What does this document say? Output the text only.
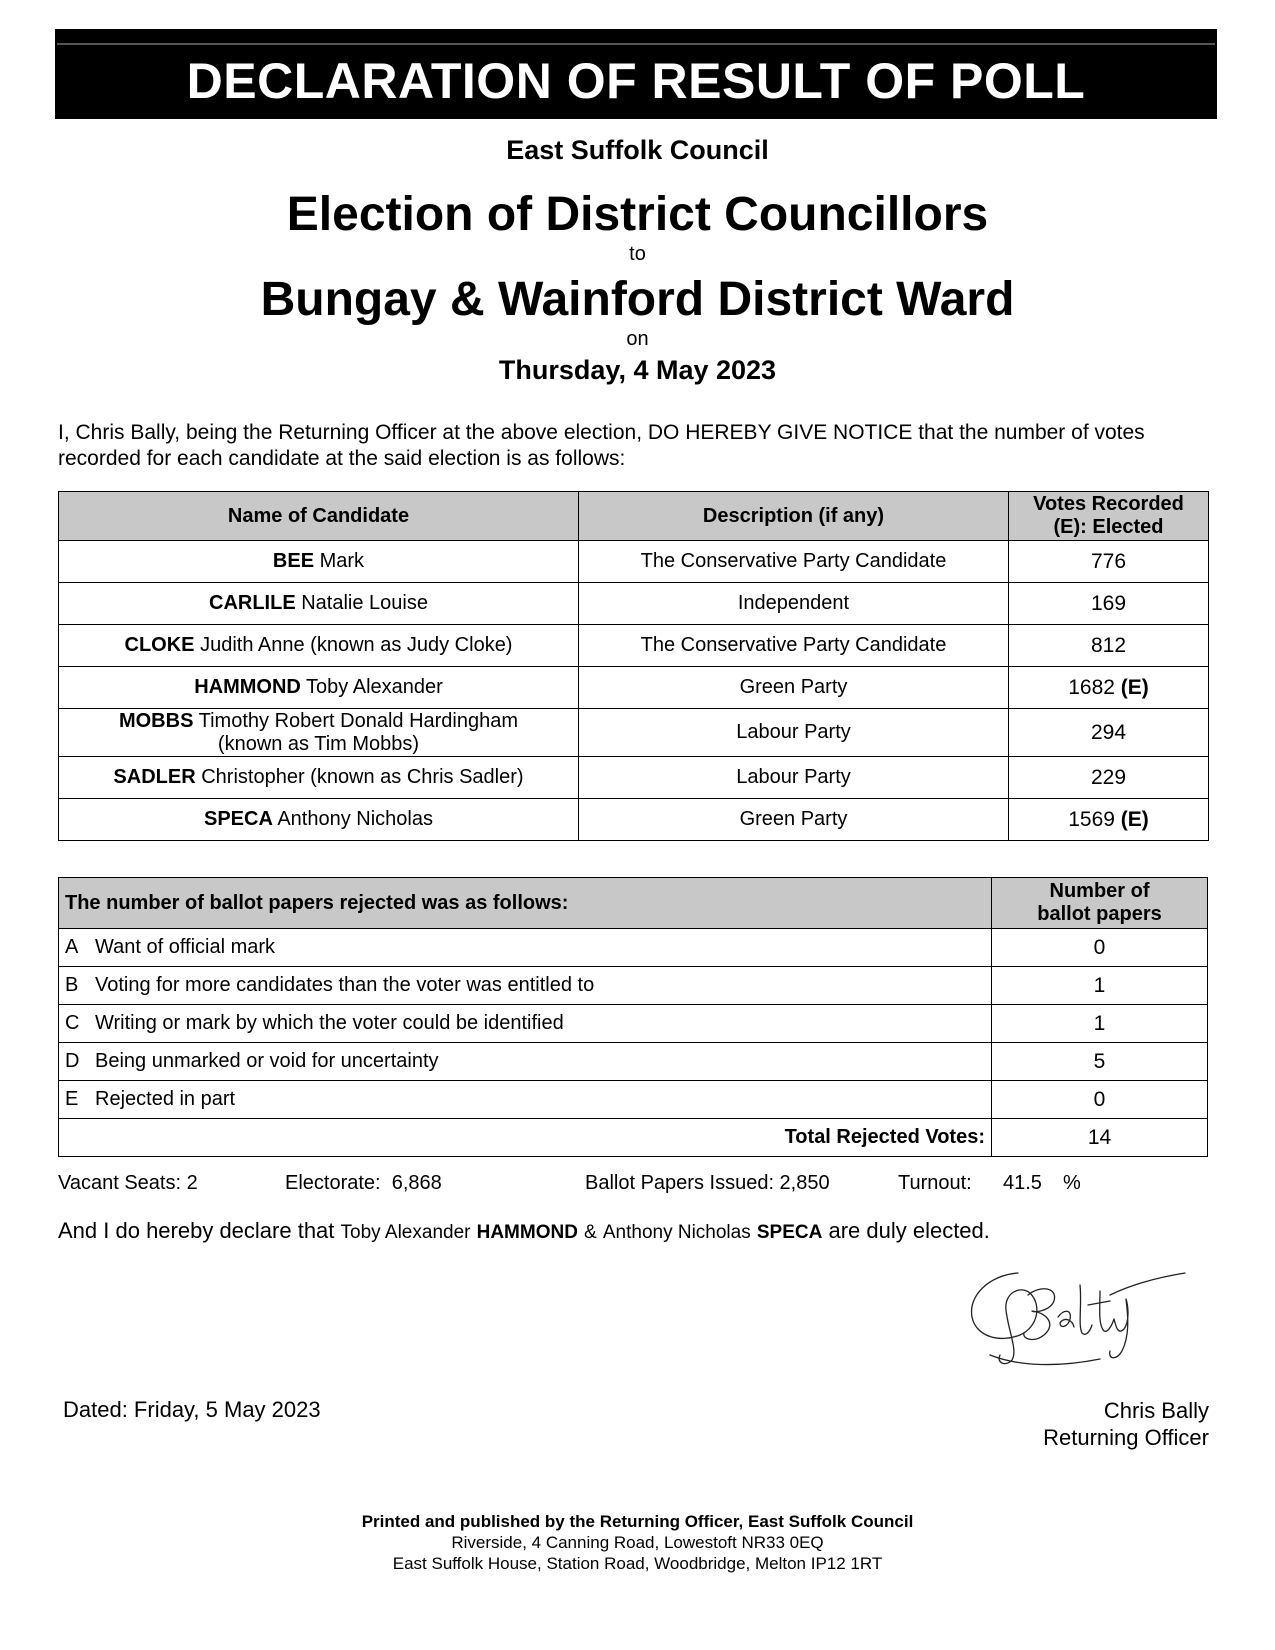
DECLARATION OF RESULT OF POLL
East Suffolk Council
Election of District Councillors
to
Bungay & Wainford District Ward
on
Thursday, 4 May 2023
I, Chris Bally, being the Returning Officer at the above election, DO HEREBY GIVE NOTICE that the number of votes recorded for each candidate at the said election is as follows:
Name of Candidate	Description (if any)	Votes Recorded
(E): Elected

BEE Mark	The Conservative Party Candidate	776
CARLILE Natalie Louise	Independent	169
CLOKE Judith Anne (known as Judy Cloke)	The Conservative Party Candidate	812
HAMMOND Toby Alexander	Green Party	1682 (E)
MOBBS Timothy Robert Donald Hardingham
(known as Tim Mobbs)	Labour Party	294
SADLER Christopher (known as Chris Sadler)	Labour Party	229
SPECA Anthony Nicholas	Green Party	1569 (E)
The number of ballot papers rejected was as follows:	Number of
ballot papers

A Want of official mark	0
B Voting for more candidates than the voter was entitled to	1
C Writing or mark by which the voter could be identified	1
D Being unmarked or void for uncertainty	5
E Rejected in part	0
Total Rejected Votes:	14
Vacant Seats: 2	Electorate:  6,868	Ballot Papers Issued: 2,850	Turnout: 41.5 %
And I do hereby declare that Toby Alexander HAMMOND & Anthony Nicholas SPECA are duly elected.
Dated: Friday, 5 May 2023	Chris Bally
Returning Officer
Printed and published by the Returning Officer, East Suffolk Council
Riverside, 4 Canning Road, Lowestoft NR33 0EQ
East Suffolk House, Station Road, Woodbridge, Melton IP12 1RT
